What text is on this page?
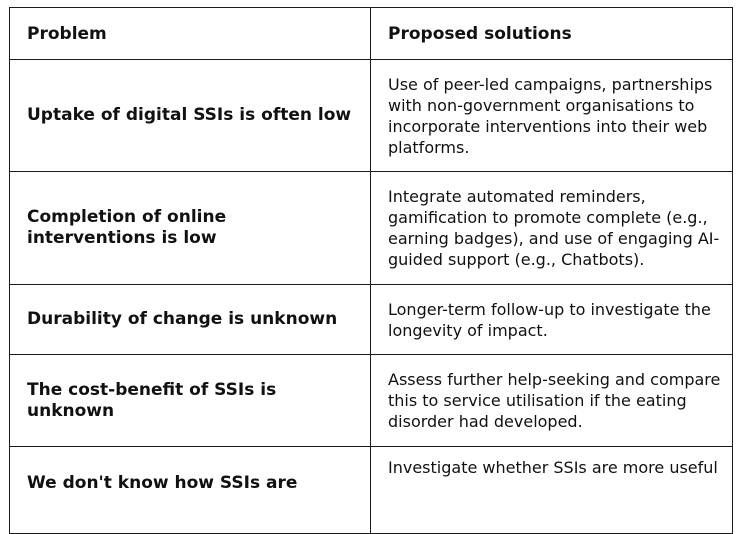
Problem	Proposed solutions
Uptake of digital SSIs is often low	Use of peer-led campaigns, partnerships with non-government organisations to incorporate interventions into their web platforms.
Completion of online interventions is low	Integrate automated reminders, gamification to promote complete (e.g., earning badges), and use of engaging AI-guided support (e.g., Chatbots).
Durability of change is unknown	Longer-term follow-up to investigate the longevity of impact.
The cost-benefit of SSIs is unknown	Assess further help-seeking and compare this to service utilisation if the eating disorder had developed.
We don't know how SSIs are	Investigate whether SSIs are more useful
